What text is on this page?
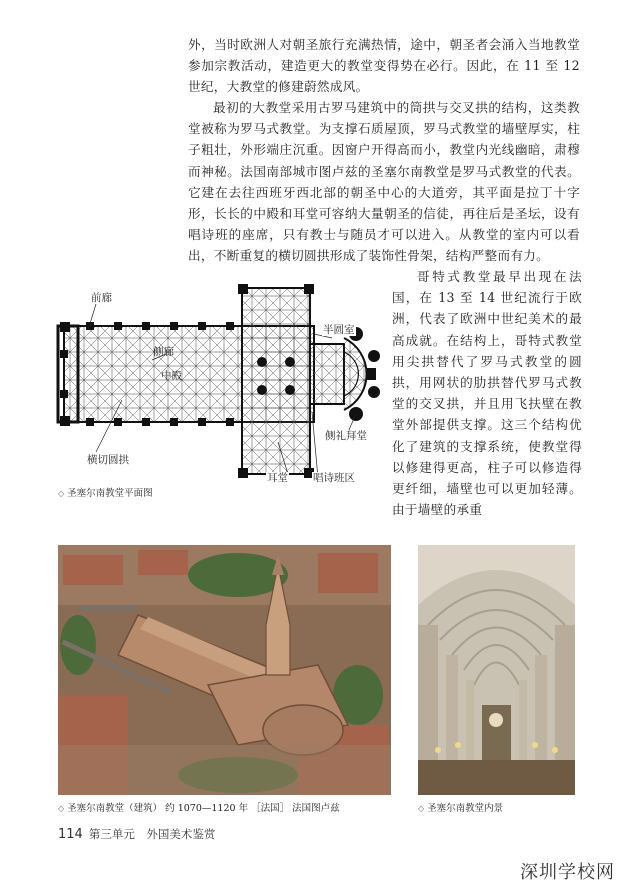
外，当时欧洲人对朝圣旅行充满热情，途中，朝圣者会涌入当地教堂参加宗教活动，建造更大的教堂变得势在必行。因此，在 11 至 12 世纪，大教堂的修建蔚然成风。

最初的大教堂采用古罗马建筑中的筒拱与交叉拱的结构，这类教堂被称为罗马式教堂。为支撑石质屋顶，罗马式教堂的墙壁厚实，柱子粗壮，外形端庄沉重。因窗户开得高而小，教堂内光线幽暗，肃穆而神秘。法国南部城市图卢兹的圣塞尔南教堂是罗马式教堂的代表。它建在去往西班牙西北部的朝圣中心的大道旁，其平面是拉丁十字形，长长的中殿和耳堂可容纳大量朝圣的信徒，再往后是圣坛，设有唱诗班的座席，只有教士与随员才可以进入。从教堂的室内可以看出，不断重复的横切圆拱形成了装饰性骨架，结构严整而有力。

哥特式教堂最早出现在法国，在 13 至 14 世纪流行于欧洲，代表了欧洲中世纪美术的最高成就。在结构上，哥特式教堂用尖拱替代了罗马式教堂的圆拱，用网状的肋拱替代罗马式教堂的交叉拱，并且用飞扶壁在教堂外部提供支撑。这三个结构优化了建筑的支撑系统，使教堂得以修建得更高，柱子可以修造得更纤细，墙壁也可以更加轻薄。由于墙壁的承重

前廊
侧廊
中殿
半圆室
侧礼拜堂
横切圆拱
耳堂 唱诗班区
◇ 圣塞尔南教堂平面图
◇ 圣塞尔南教堂（建筑） 约 1070—1120 年 ［法国］ 法国图卢兹	◇ 圣塞尔南教堂内景
114 第三单元　外国美术鉴赏
深圳学校网
